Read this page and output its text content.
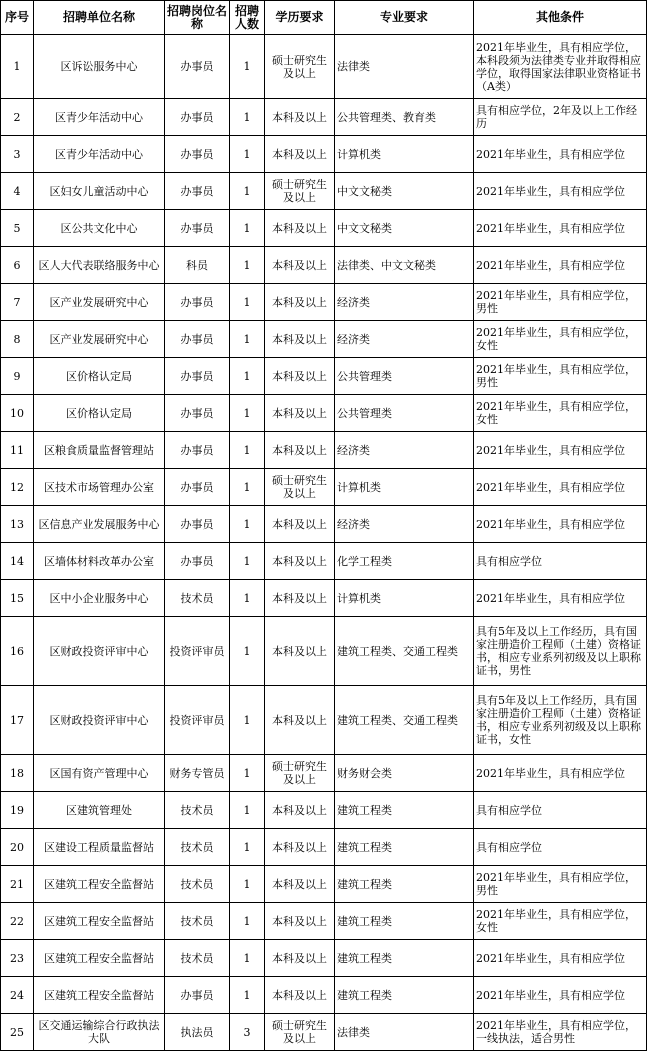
序号	招聘单位名称	招聘岗位名称	招聘人数	学历要求	专业要求	其他条件
1	区诉讼服务中心	办事员	1	硕士研究生及以上	法律类	2021年毕业生，具有相应学位，本科段须为法律类专业并取得相应学位，取得国家法律职业资格证书（A类）
2	区青少年活动中心	办事员	1	本科及以上	公共管理类、教育类	具有相应学位，2年及以上工作经历
3	区青少年活动中心	办事员	1	本科及以上	计算机类	2021年毕业生，具有相应学位
4	区妇女儿童活动中心	办事员	1	硕士研究生及以上	中文文秘类	2021年毕业生，具有相应学位
5	区公共文化中心	办事员	1	本科及以上	中文文秘类	2021年毕业生，具有相应学位
6	区人大代表联络服务中心	科员	1	本科及以上	法律类、中文文秘类	2021年毕业生，具有相应学位
7	区产业发展研究中心	办事员	1	本科及以上	经济类	2021年毕业生，具有相应学位，男性
8	区产业发展研究中心	办事员	1	本科及以上	经济类	2021年毕业生，具有相应学位，女性
9	区价格认定局	办事员	1	本科及以上	公共管理类	2021年毕业生，具有相应学位，男性
10	区价格认定局	办事员	1	本科及以上	公共管理类	2021年毕业生，具有相应学位，女性
11	区粮食质量监督管理站	办事员	1	本科及以上	经济类	2021年毕业生，具有相应学位
12	区技术市场管理办公室	办事员	1	硕士研究生及以上	计算机类	2021年毕业生，具有相应学位
13	区信息产业发展服务中心	办事员	1	本科及以上	经济类	2021年毕业生，具有相应学位
14	区墙体材料改革办公室	办事员	1	本科及以上	化学工程类	具有相应学位
15	区中小企业服务中心	技术员	1	本科及以上	计算机类	2021年毕业生，具有相应学位
16	区财政投资评审中心	投资评审员	1	本科及以上	建筑工程类、交通工程类	具有5年及以上工作经历，具有国家注册造价工程师（土建）资格证书，相应专业系列初级及以上职称证书，男性
17	区财政投资评审中心	投资评审员	1	本科及以上	建筑工程类、交通工程类	具有5年及以上工作经历，具有国家注册造价工程师（土建）资格证书，相应专业系列初级及以上职称证书，女性
18	区国有资产管理中心	财务专管员	1	硕士研究生及以上	财务财会类	2021年毕业生，具有相应学位
19	区建筑管理处	技术员	1	本科及以上	建筑工程类	具有相应学位
20	区建设工程质量监督站	技术员	1	本科及以上	建筑工程类	具有相应学位
21	区建筑工程安全监督站	技术员	1	本科及以上	建筑工程类	2021年毕业生，具有相应学位，男性
22	区建筑工程安全监督站	技术员	1	本科及以上	建筑工程类	2021年毕业生，具有相应学位，女性
23	区建筑工程安全监督站	技术员	1	本科及以上	建筑工程类	2021年毕业生，具有相应学位
24	区建筑工程安全监督站	办事员	1	本科及以上	建筑工程类	2021年毕业生，具有相应学位
25	区交通运输综合行政执法大队	执法员	3	硕士研究生及以上	法律类	2021年毕业生，具有相应学位，一线执法，适合男性
